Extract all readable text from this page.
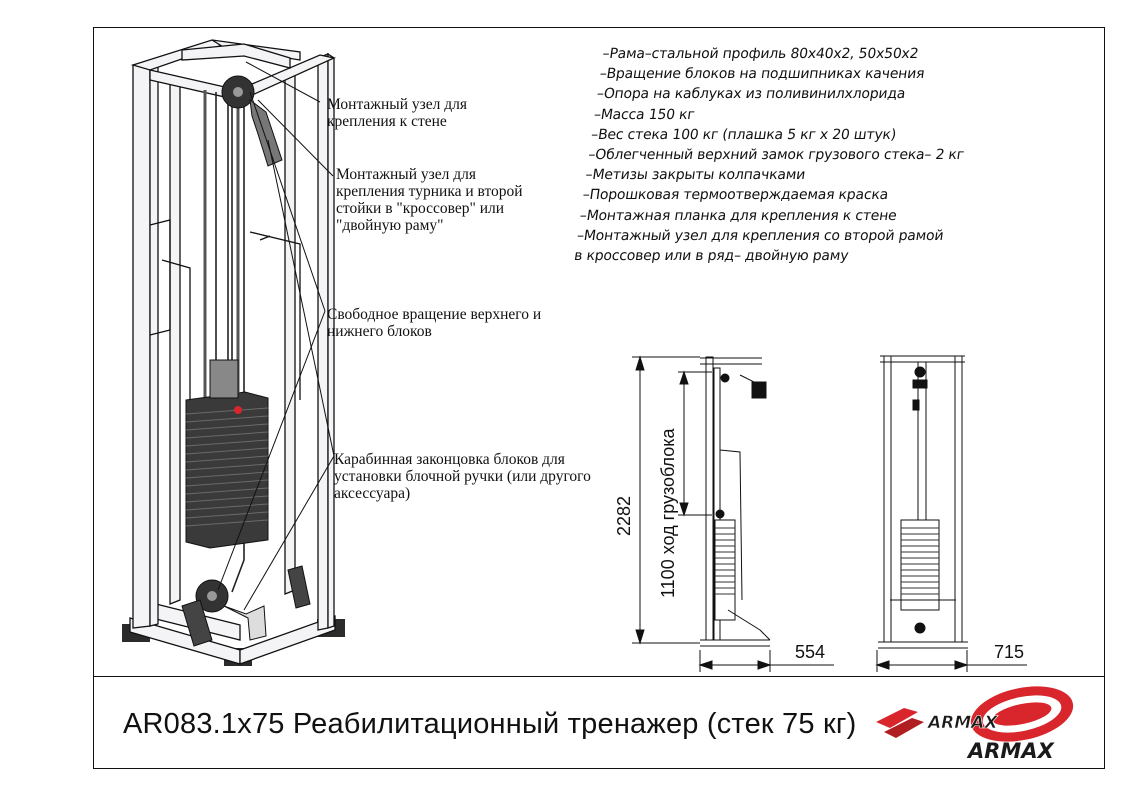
Монтажный узел для крепления к стене
Монтажный узел для крепления турника и второй стойки в "кроссовер" или "двойную раму"
Свободное вращение верхнего и нижнего блоков
Карабинная законцовка блоков для установки блочной ручки (или другого аксессуара)
–Рама–стальной профиль 80х40х2, 50х50х2
–Вращение блоков на подшипниках качения
–Опора на каблуках из поливинилхлорида
–Масса 150 кг
–Вес стека 100 кг (плашка 5 кг х 20 штук)
–Облегченный верхний замок грузового стека– 2 кг
–Метизы закрыты колпачками
–Порошковая термоотверждаемая краска
–Монтажная планка для крепления к стене
–Монтажный узел для крепления со второй рамой
в кроссовер или в ряд– двойную раму
2282 1100 ход грузоблока
554	715
AR083.1х75 Реабилитационный тренажер (стек 75 кг)	ARMAX
ARMAX
